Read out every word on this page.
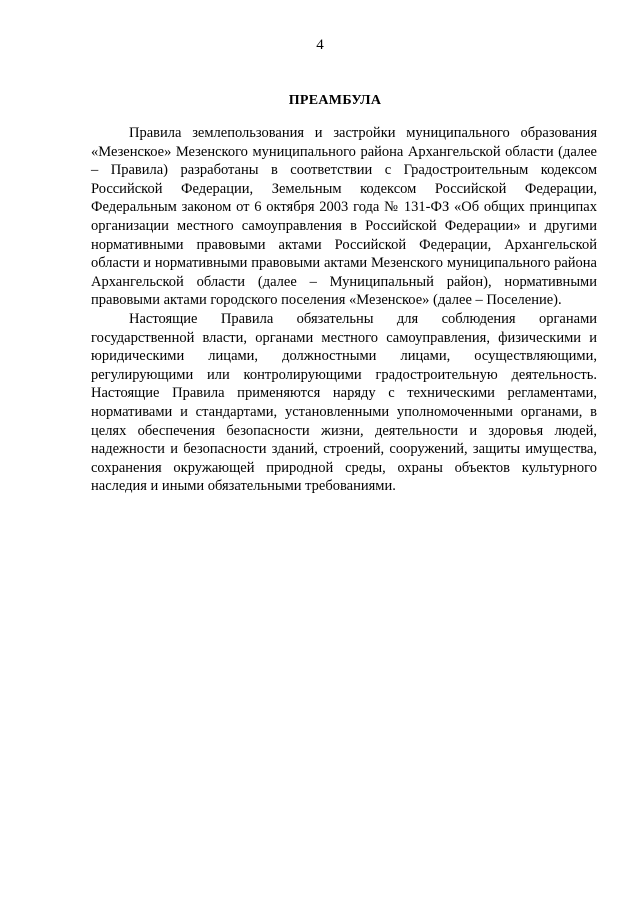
4
ПРЕАМБУЛА

Правила землепользования и застройки муниципального образования «Мезенское» Мезенского муниципального района Архангельской области (далее – Правила) разработаны в соответствии с Градостроительным кодексом Российской Федерации, Земельным кодексом Российской Федерации, Федеральным законом от 6 октября 2003 года № 131-ФЗ «Об общих принципах организации местного самоуправления в Российской Федерации» и другими нормативными правовыми актами Российской Федерации, Архангельской области и нормативными правовыми актами Мезенского муниципального района Архангельской области (далее – Муниципальный район), нормативными правовыми актами городского поселения «Мезенское» (далее – Поселение).

Настоящие Правила обязательны для соблюдения органами государственной власти, органами местного самоуправления, физическими и юридическими лицами, должностными лицами, осуществляющими, регулирующими или контролирующими градостроительную деятельность. Настоящие Правила применяются наряду с техническими регламентами, нормативами и стандартами, установленными уполномоченными органами, в целях обеспечения безопасности жизни, деятельности и здоровья людей, надежности и безопасности зданий, строений, сооружений, защиты имущества, сохранения окружающей природной среды, охраны объектов культурного наследия и иными обязательными требованиями.
